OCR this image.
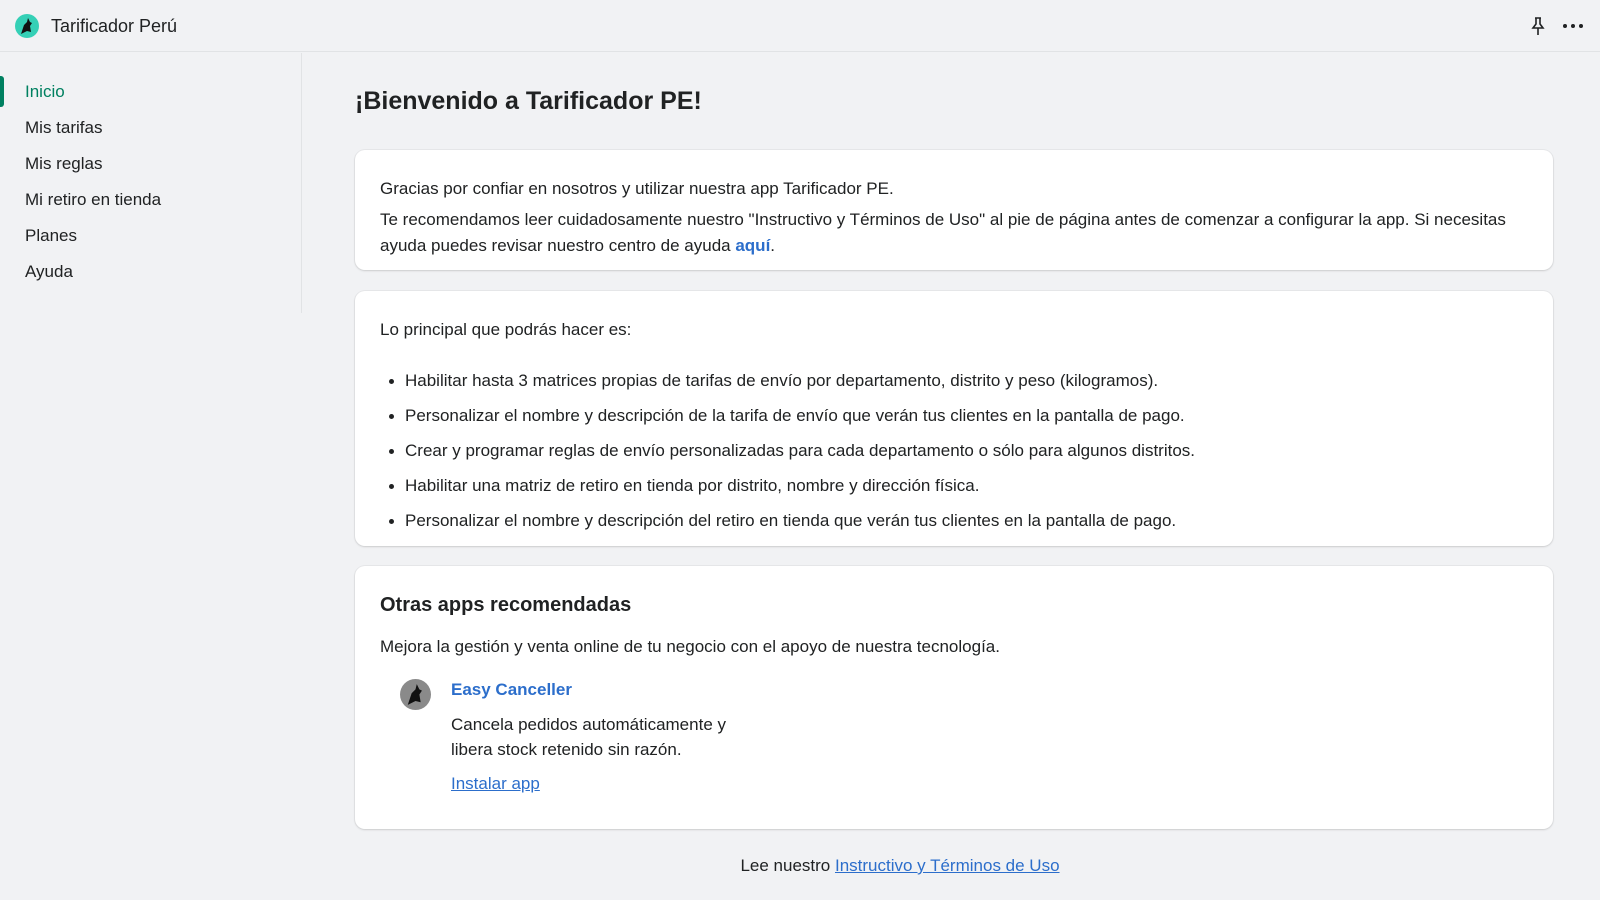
Tarificador Perú
Inicio
Mis tarifas
Mis reglas
Mi retiro en tienda
Planes
Ayuda
¡Bienvenido a Tarificador PE!

Gracias por confiar en nosotros y utilizar nuestra app Tarificador PE.

Te recomendamos leer cuidadosamente nuestro "Instructivo y Términos de Uso" al pie de página antes de comenzar a configurar la app. Si necesitas ayuda puedes revisar nuestro centro de ayuda aquí.

Lo principal que podrás hacer es:

Habilitar hasta 3 matrices propias de tarifas de envío por departamento, distrito y peso (kilogramos).
Personalizar el nombre y descripción de la tarifa de envío que verán tus clientes en la pantalla de pago.
Crear y programar reglas de envío personalizadas para cada departamento o sólo para algunos distritos.
Habilitar una matriz de retiro en tienda por distrito, nombre y dirección física.
Personalizar el nombre y descripción del retiro en tienda que verán tus clientes en la pantalla de pago.
Otras apps recomendadas

Mejora la gestión y venta online de tu negocio con el apoyo de nuestra tecnología.

Easy Canceller

Cancela pedidos automáticamente y

libera stock retenido sin razón.

Instalar app

Lee nuestro Instructivo y Términos de Uso
